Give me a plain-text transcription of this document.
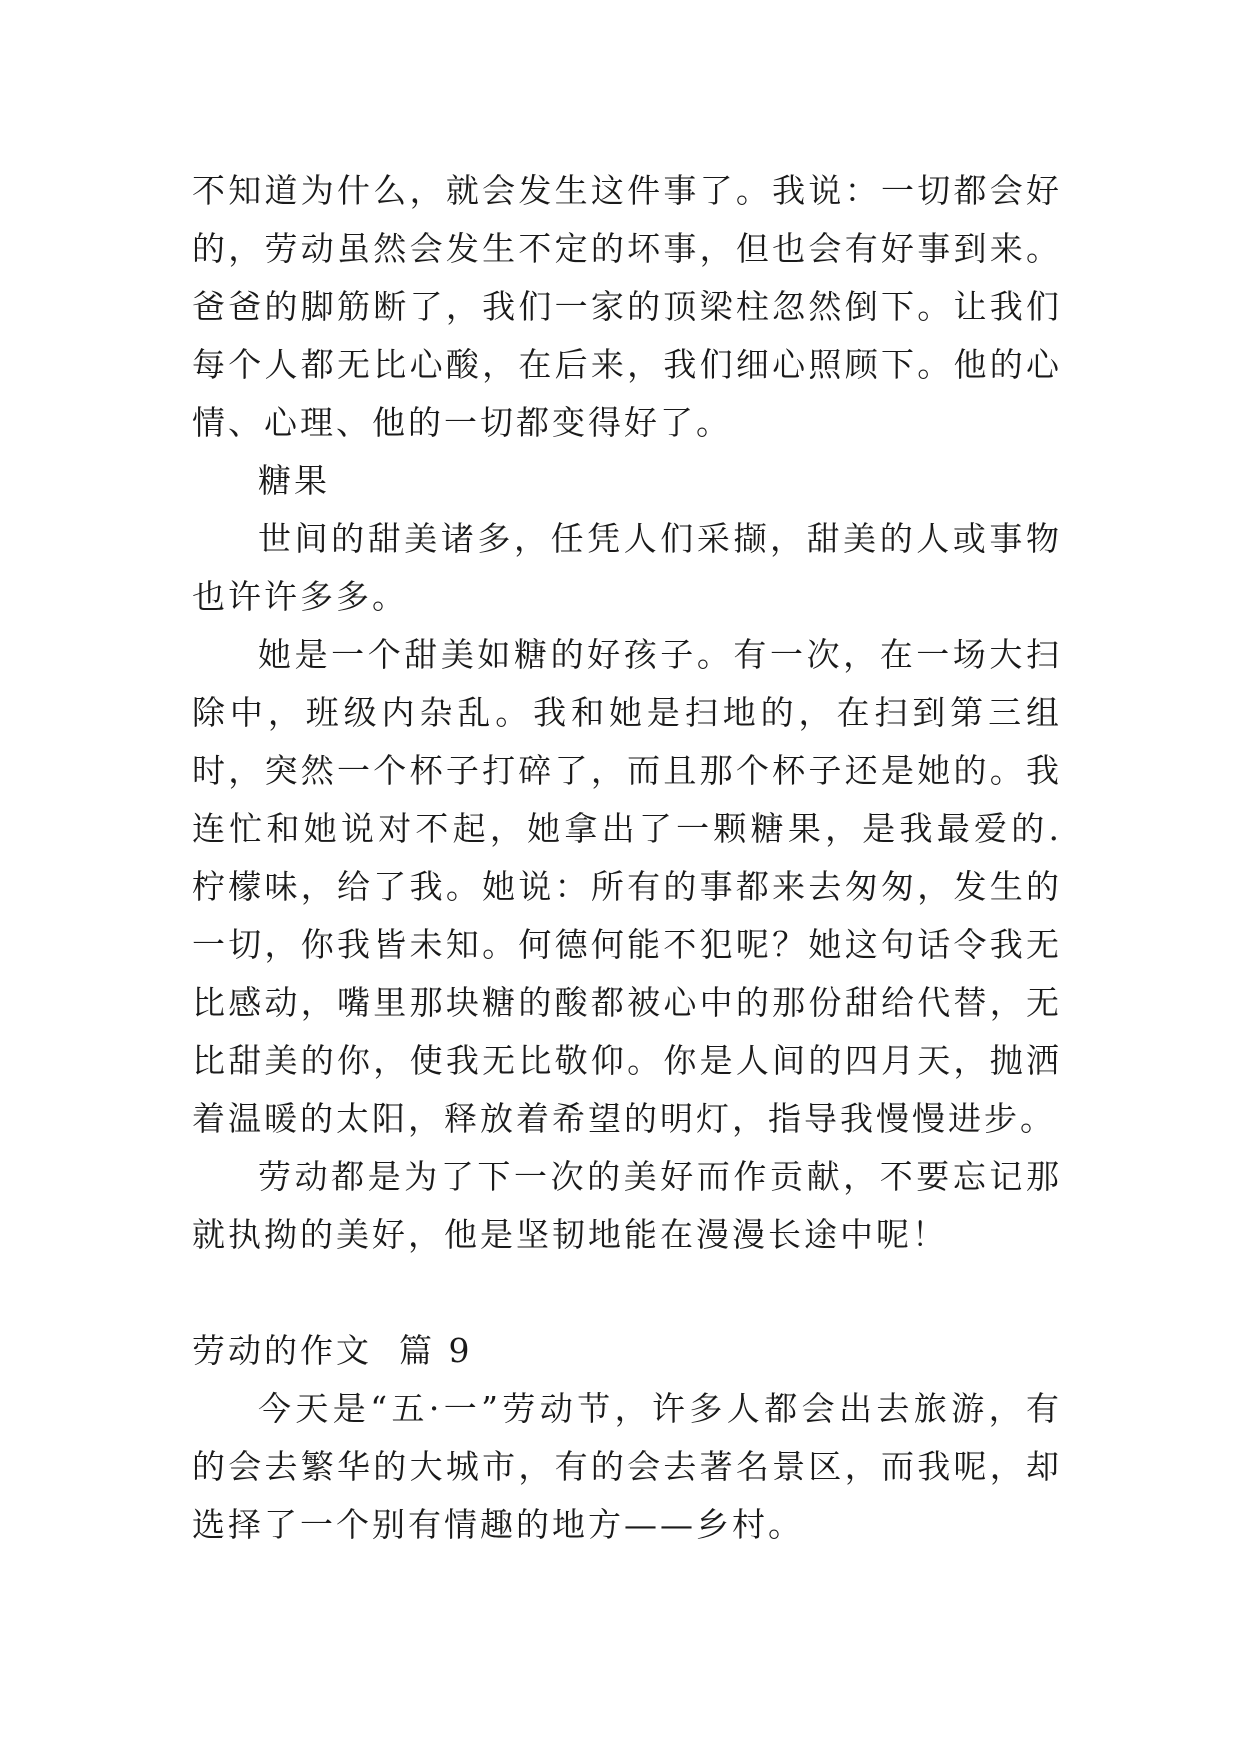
不知道为什么，就会发生这件事了。我说：一切都会好的，劳动虽然会发生不定的坏事，但也会有好事到来。爸爸的脚筋断了，我们一家的顶梁柱忽然倒下。让我们每个人都无比心酸，在后来，我们细心照顾下。他的心情、心理、他的一切都变得好了。

糖果

世间的甜美诸多，任凭人们采撷，甜美的人或事物也许许多多。

她是一个甜美如糖的好孩子。有一次，在一场大扫除中，班级内杂乱。我和她是扫地的，在扫到第三组时，突然一个杯子打碎了，而且那个杯子还是她的。我连忙和她说对不起，她拿出了一颗糖果，是我最爱的.柠檬味，给了我。她说：所有的事都来去匆匆，发生的一切，你我皆未知。何德何能不犯呢？她这句话令我无比感动，嘴里那块糖的酸都被心中的那份甜给代替，无比甜美的你，使我无比敬仰。你是人间的四月天，抛洒着温暖的太阳，释放着希望的明灯，指导我慢慢进步。

劳动都是为了下一次的美好而作贡献，不要忘记那就执拗的美好，他是坚韧地能在漫漫长途中呢！

劳动的作文  篇 9

今天是“五·一”劳动节，许多人都会出去旅游，有的会去繁华的大城市，有的会去著名景区，而我呢，却选择了一个别有情趣的地方——乡村。
